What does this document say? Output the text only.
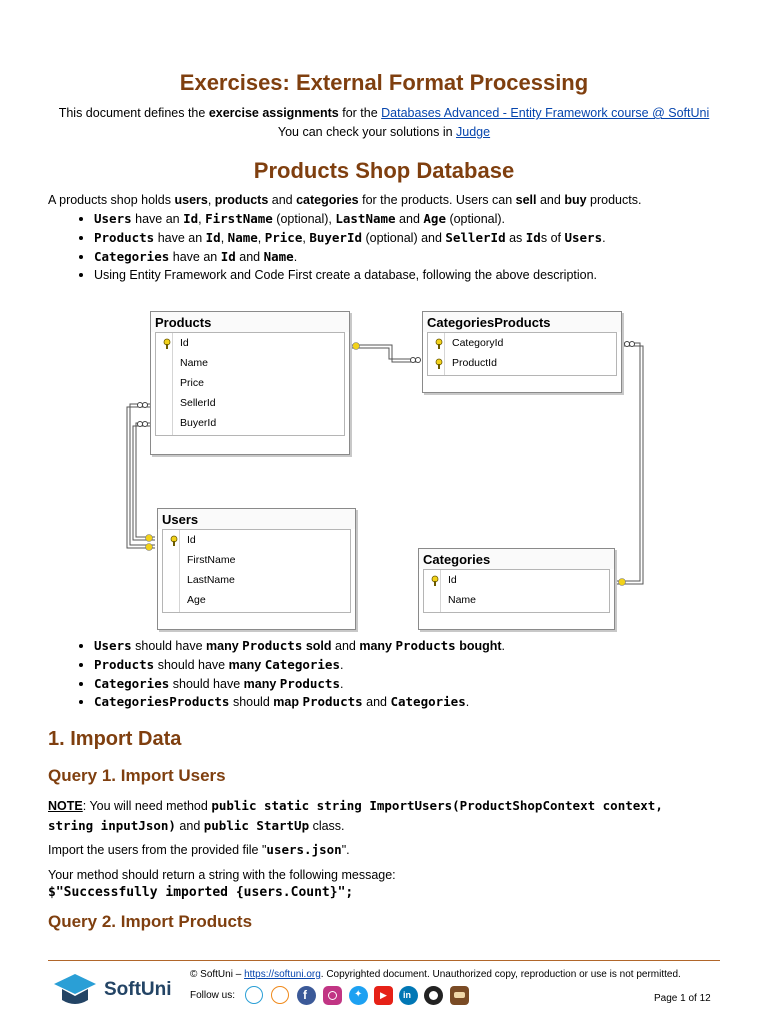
Exercises: External Format Processing
This document defines the exercise assignments for the Databases Advanced - Entity Framework course @ SoftUni
You can check your solutions in Judge
Products Shop Database
A products shop holds users, products and categories for the products. Users can sell and buy products.
• Users have an Id, FirstName (optional), LastName and Age (optional).
• Products have an Id, Name, Price, BuyerId (optional) and SellerId as Ids of Users.
• Categories have an Id and Name.
• Using Entity Framework and Code First create a database, following the above description.
Products
Id
Name
Price
SellerId
BuyerId
CategoriesProducts
CategoryId
ProductId
Users
Id
FirstName
LastName
Age
Categories
Id
Name
• Users should have many Products sold and many Products bought.
• Products should have many Categories.
• Categories should have many Products.
• CategoriesProducts should map Products and Categories.
1. Import Data
Query 1. Import Users
NOTE: You will need method public static string ImportUsers(ProductShopContext context,
string inputJson) and public StartUp class.
Import the users from the provided file "users.json".
Your method should return a string with the following message:
$"Successfully imported {users.Count}";
Query 2. Import Products
SoftUni
© SoftUni – https://softuni.org. Copyrighted document. Unauthorized copy, reproduction or use is not permitted.
Follow us:	f	✦ ▶ in	Page 1 of 12
